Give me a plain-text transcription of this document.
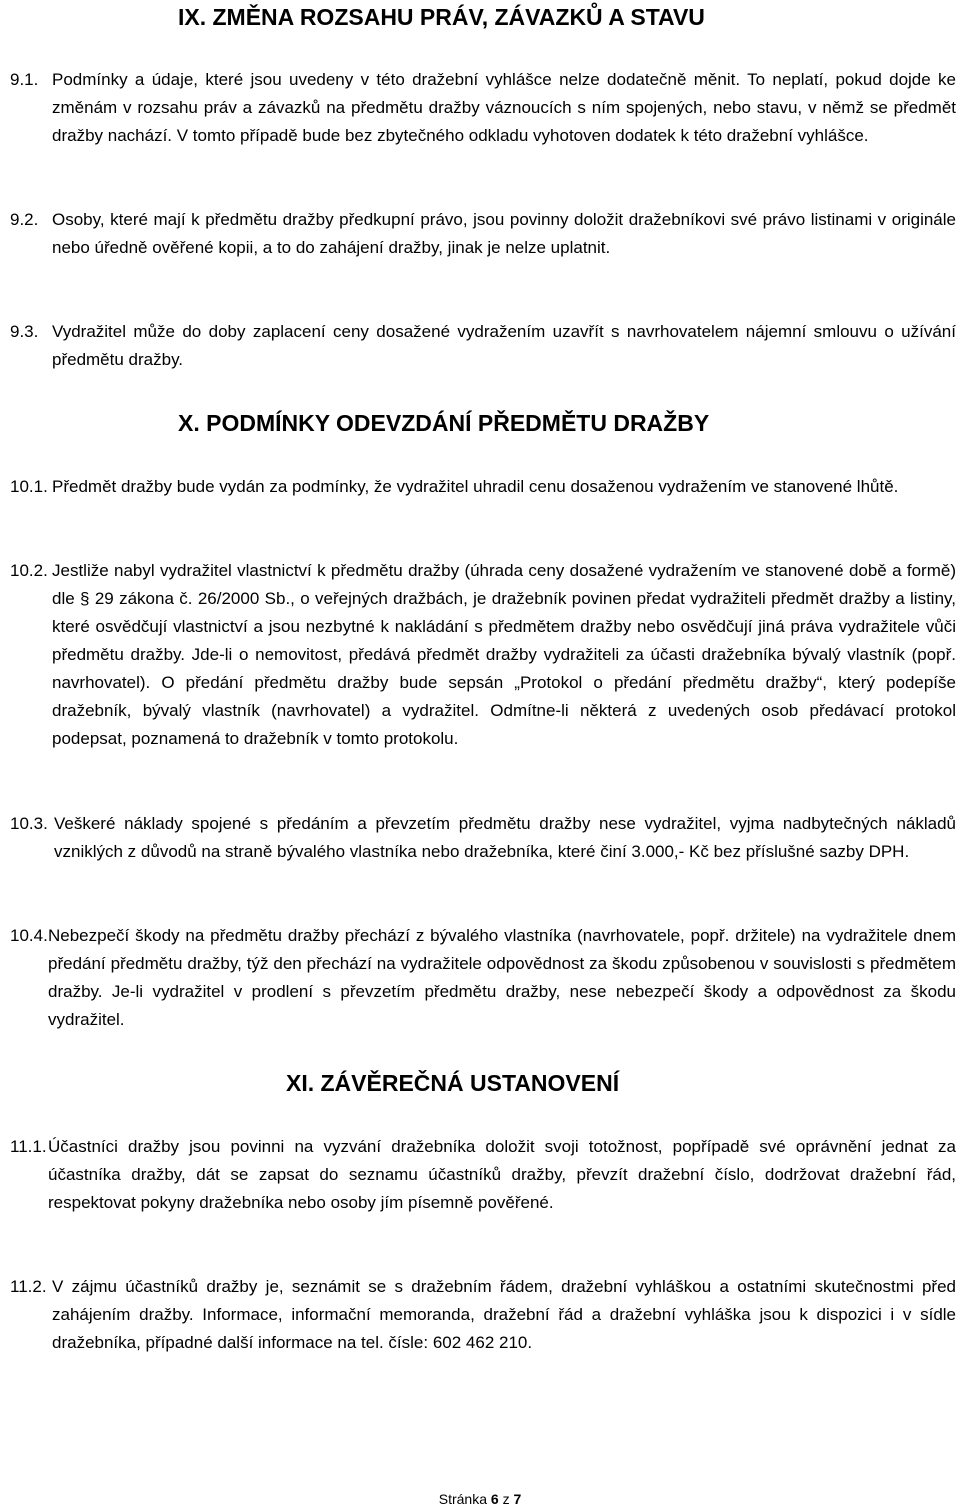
IX. ZMĚNA ROZSAHU PRÁV, ZÁVAZKŮ A STAVU
9.1. Podmínky a údaje, které jsou uvedeny v této dražební vyhlášce nelze dodatečně měnit. To neplatí, pokud dojde ke změnám v rozsahu práv a závazků na předmětu dražby váznoucích s ním spojených, nebo stavu, v němž se předmět dražby nachází. V tomto případě bude bez zbytečného odkladu vyhotoven dodatek k této dražební vyhlášce.
9.2. Osoby, které mají k předmětu dražby předkupní právo, jsou povinny doložit dražebníkovi své právo listinami v originále nebo úředně ověřené kopii, a to do zahájení dražby, jinak je nelze uplatnit.
9.3. Vydražitel může do doby zaplacení ceny dosažené vydražením uzavřít s navrhovatelem nájemní smlouvu o užívání předmětu dražby.
X. PODMÍNKY ODEVZDÁNÍ PŘEDMĚTU DRAŽBY
10.1. Předmět dražby bude vydán za podmínky, že vydražitel uhradil cenu dosaženou vydražením ve stanovené lhůtě.
10.2. Jestliže nabyl vydražitel vlastnictví k předmětu dražby (úhrada ceny dosažené vydražením ve stanovené době a formě) dle § 29 zákona č. 26/2000 Sb., o veřejných dražbách, je dražebník povinen předat vydražiteli předmět dražby a listiny, které osvědčují vlastnictví a jsou nezbytné k nakládání s předmětem dražby nebo osvědčují jiná práva vydražitele vůči předmětu dražby. Jde-li o nemovitost, předává předmět dražby vydražiteli za účasti dražebníka bývalý vlastník (popř. navrhovatel). O předání předmětu dražby bude sepsán „Protokol o předání předmětu dražby“, který podepíše dražebník, bývalý vlastník (navrhovatel) a vydražitel. Odmítne-li některá z uvedených osob předávací protokol podepsat, poznamená to dražebník v tomto protokolu.
10.3. Veškeré náklady spojené s předáním a převzetím předmětu dražby nese vydražitel, vyjma nadbytečných nákladů vzniklých z důvodů na straně bývalého vlastníka nebo dražebníka, které činí 3.000,- Kč bez příslušné sazby DPH.
10.4. Nebezpečí škody na předmětu dražby přechází z bývalého vlastníka (navrhovatele, popř. držitele) na vydražitele dnem předání předmětu dražby, týž den přechází na vydražitele odpovědnost za škodu způsobenou v souvislosti s předmětem dražby. Je-li vydražitel v prodlení s převzetím předmětu dražby, nese nebezpečí škody a odpovědnost za škodu vydražitel.
XI. ZÁVĚREČNÁ USTANOVENÍ
11.1. Účastníci dražby jsou povinni na vyzvání dražebníka doložit svoji totožnost, popřípadě své oprávnění jednat za účastníka dražby, dát se zapsat do seznamu účastníků dražby, převzít dražební číslo, dodržovat dražební řád, respektovat pokyny dražebníka nebo osoby jím písemně pověřené.
11.2. V zájmu účastníků dražby je, seznámit se s dražebním řádem, dražební vyhláškou a ostatními skutečnostmi před zahájením dražby. Informace, informační memoranda, dražební řád a dražební vyhláška jsou k dispozici i v sídle dražebníka, případné další informace na tel. čísle: 602 462 210.
Stránka 6 z 7
